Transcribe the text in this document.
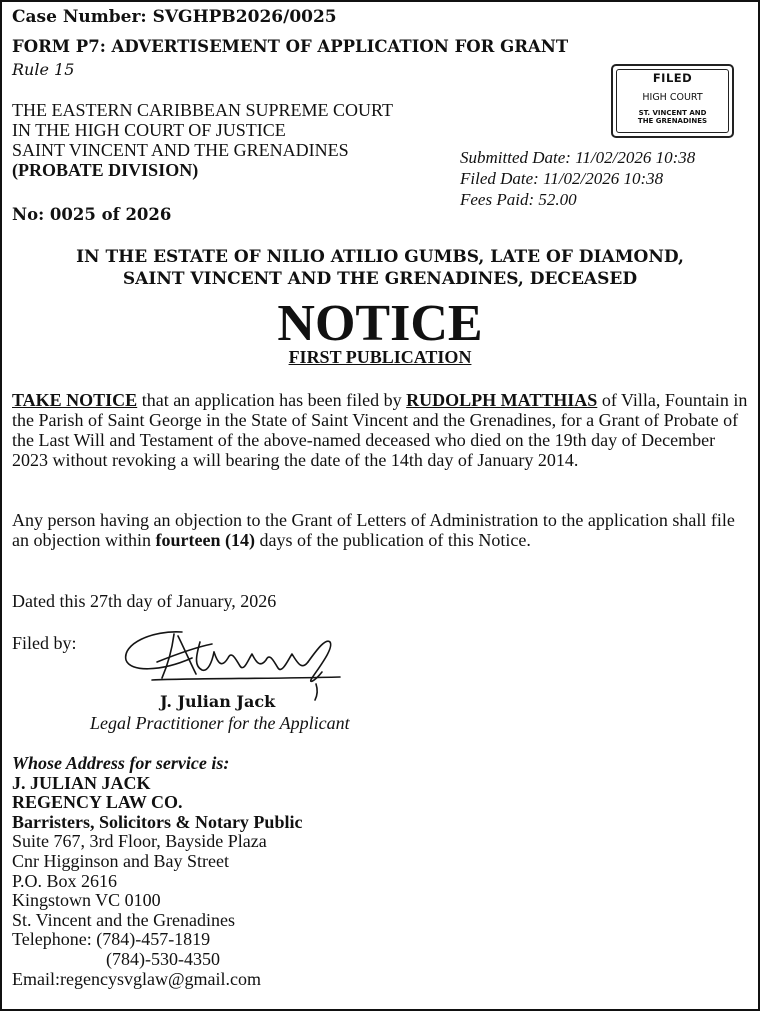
Case Number: SVGHPB2026/0025
FORM P7: ADVERTISEMENT OF APPLICATION FOR GRANT
Rule 15	FILED
HIGH COURT
ST. VINCENT AND
THE GRENADINES
THE EASTERN CARIBBEAN SUPREME COURT
IN THE HIGH COURT OF JUSTICE
SAINT VINCENT AND THE GRENADINES
(PROBATE DIVISION)
Submitted Date: 11/02/2026 10:38
Filed Date: 11/02/2026 10:38
Fees Paid: 52.00
No: 0025 of 2026
IN THE ESTATE OF NILIO ATILIO GUMBS, LATE OF DIAMOND,
SAINT VINCENT AND THE GRENADINES, DECEASED
NOTICE
FIRST PUBLICATION
TAKE NOTICE that an application has been filed by RUDOLPH MATTHIAS of Villa, Fountain in the Parish of Saint George in the State of Saint Vincent and the Grenadines, for a Grant of Probate of the Last Will and Testament of the above-named deceased who died on the 19th day of December 2023 without revoking a will bearing the date of the 14th day of January 2014.
Any person having an objection to the Grant of Letters of Administration to the application shall file an objection within fourteen (14) days of the publication of this Notice.
Dated this 27th day of January, 2026
Filed by:
J. Julian Jack
Legal Practitioner for the Applicant
Whose Address for service is:
J. JULIAN JACK
REGENCY LAW CO.
Barristers, Solicitors & Notary Public
Suite 767, 3rd Floor, Bayside Plaza
Cnr Higginson and Bay Street
P.O. Box 2616
Kingstown VC 0100
St. Vincent and the Grenadines
Telephone: (784)-457-1819
(784)-530-4350
Email:regencysvglaw@gmail.com
